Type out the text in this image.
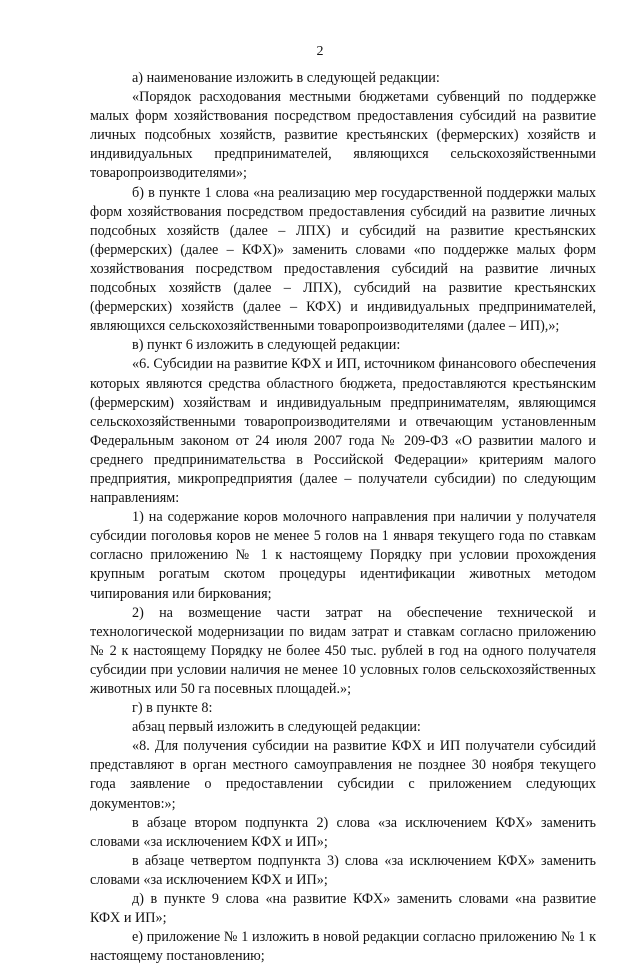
2

а) наименование изложить в следующей редакции:

«Порядок расходования местными бюджетами субвенций по поддержке малых форм хозяйствования посредством предоставления субсидий на развитие личных подсобных хозяйств, развитие крестьянских (фермерских) хозяйств и индивидуальных предпринимателей, являющихся сельскохозяйственными товаропроизводителями»;

б) в пункте 1 слова «на реализацию мер государственной поддержки малых форм хозяйствования посредством предоставления субсидий на развитие личных подсобных хозяйств (далее – ЛПХ) и субсидий на развитие крестьянских (фермерских) (далее – КФХ)» заменить словами «по поддержке малых форм хозяйствования посредством предоставления субсидий на развитие личных подсобных хозяйств (далее – ЛПХ), субсидий на развитие крестьянских (фермерских) хозяйств (далее – КФХ) и индивидуальных предпринимателей, являющихся сельскохозяйственными товаропроизводителями (далее – ИП),»;

в) пункт 6 изложить в следующей редакции:

«6. Субсидии на развитие КФХ и ИП, источником финансового обеспечения которых являются средства областного бюджета, предоставляются крестьянским (фермерским) хозяйствам и индивидуальным предпринимателям, являющимся сельскохозяйственными товаропроизводителями и отвечающим установленным Федеральным законом от 24 июля 2007 года № 209-ФЗ «О развитии малого и среднего предпринимательства в Российской Федерации» критериям малого предприятия, микропредприятия (далее – получатели субсидии) по следующим направлениям:

1) на содержание коров молочного направления при наличии у получателя субсидии поголовья коров не менее 5 голов на 1 января текущего года по ставкам согласно приложению № 1 к настоящему Порядку при условии прохождения крупным рогатым скотом процедуры идентификации животных методом чипирования или биркования;

2) на возмещение части затрат на обеспечение технической и технологической модернизации по видам затрат и ставкам согласно приложению № 2 к настоящему Порядку не более 450 тыс. рублей в год на одного получателя субсидии при условии наличия не менее 10 условных голов сельскохозяйственных животных или 50 га посевных площадей.»;

г) в пункте 8:

абзац первый изложить в следующей редакции:

«8. Для получения субсидии на развитие КФХ и ИП получатели субсидий представляют в орган местного самоуправления не позднее 30 ноября текущего года заявление о предоставлении субсидии с приложением следующих документов:»;

в абзаце втором подпункта 2) слова «за исключением КФХ» заменить словами «за исключением КФХ и ИП»;

в абзаце четвертом подпункта 3) слова «за исключением КФХ» заменить словами «за исключением КФХ и ИП»;

д) в пункте 9 слова «на развитие КФХ» заменить словами «на развитие КФХ и ИП»;

е) приложение № 1 изложить в новой редакции согласно приложению № 1 к настоящему постановлению;
